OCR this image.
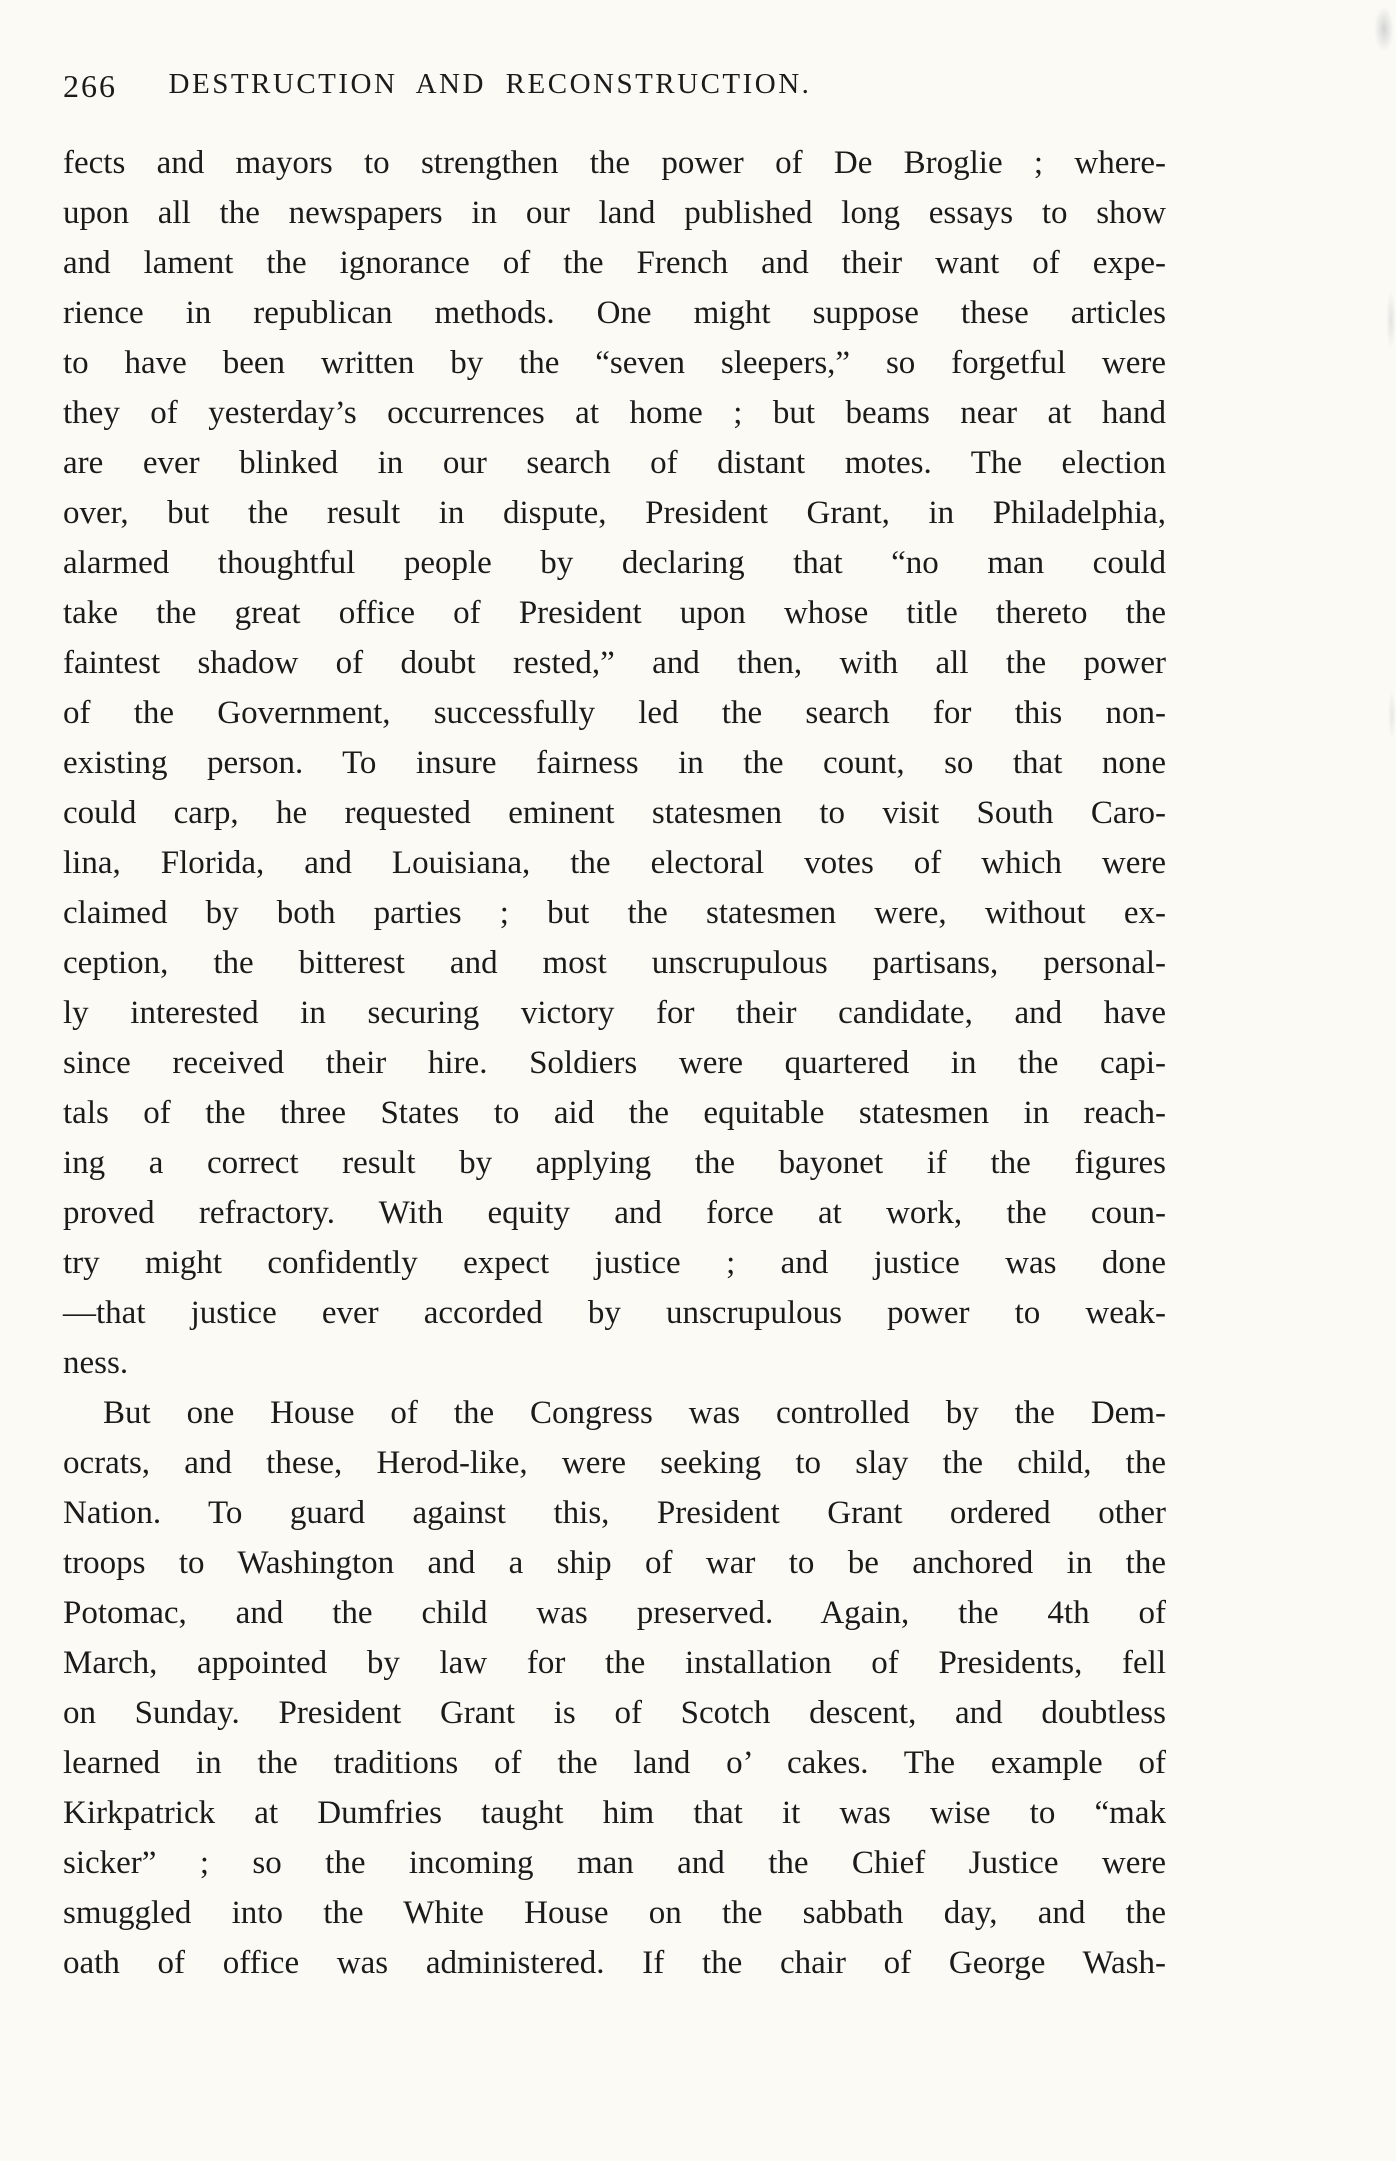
266 DESTRUCTION AND RECONSTRUCTION.
fects and mayors to strengthen the power of De Broglie ; where-
upon all the newspapers in our land published long essays to show
and lament the ignorance of the French and their want of expe-
rience in republican methods. One might suppose these articles
to have been written by the “seven sleepers,” so forgetful were
they of yesterday’s occurrences at home ; but beams near at hand
are ever blinked in our search of distant motes. The election
over, but the result in dispute, President Grant, in Philadelphia,
alarmed thoughtful people by declaring that “no man could
take the great office of President upon whose title thereto the
faintest shadow of doubt rested,” and then, with all the power
of the Government, successfully led the search for this non-
existing person. To insure fairness in the count, so that none
could carp, he requested eminent statesmen to visit South Caro-
lina, Florida, and Louisiana, the electoral votes of which were
claimed by both parties ; but the statesmen were, without ex-
ception, the bitterest and most unscrupulous partisans, personal-
ly interested in securing victory for their candidate, and have
since received their hire. Soldiers were quartered in the capi-
tals of the three States to aid the equitable statesmen in reach-
ing a correct result by applying the bayonet if the figures
proved refractory. With equity and force at work, the coun-
try might confidently expect justice ; and justice was done
—that justice ever accorded by unscrupulous power to weak-
ness.
But one House of the Congress was controlled by the Dem-
ocrats, and these, Herod-like, were seeking to slay the child, the
Nation. To guard against this, President Grant ordered other
troops to Washington and a ship of war to be anchored in the
Potomac, and the child was preserved. Again, the 4th of
March, appointed by law for the installation of Presidents, fell
on Sunday. President Grant is of Scotch descent, and doubtless
learned in the traditions of the land o’ cakes. The example of
Kirkpatrick at Dumfries taught him that it was wise to “mak
sicker” ; so the incoming man and the Chief Justice were
smuggled into the White House on the sabbath day, and the
oath of office was administered. If the chair of George Wash-
